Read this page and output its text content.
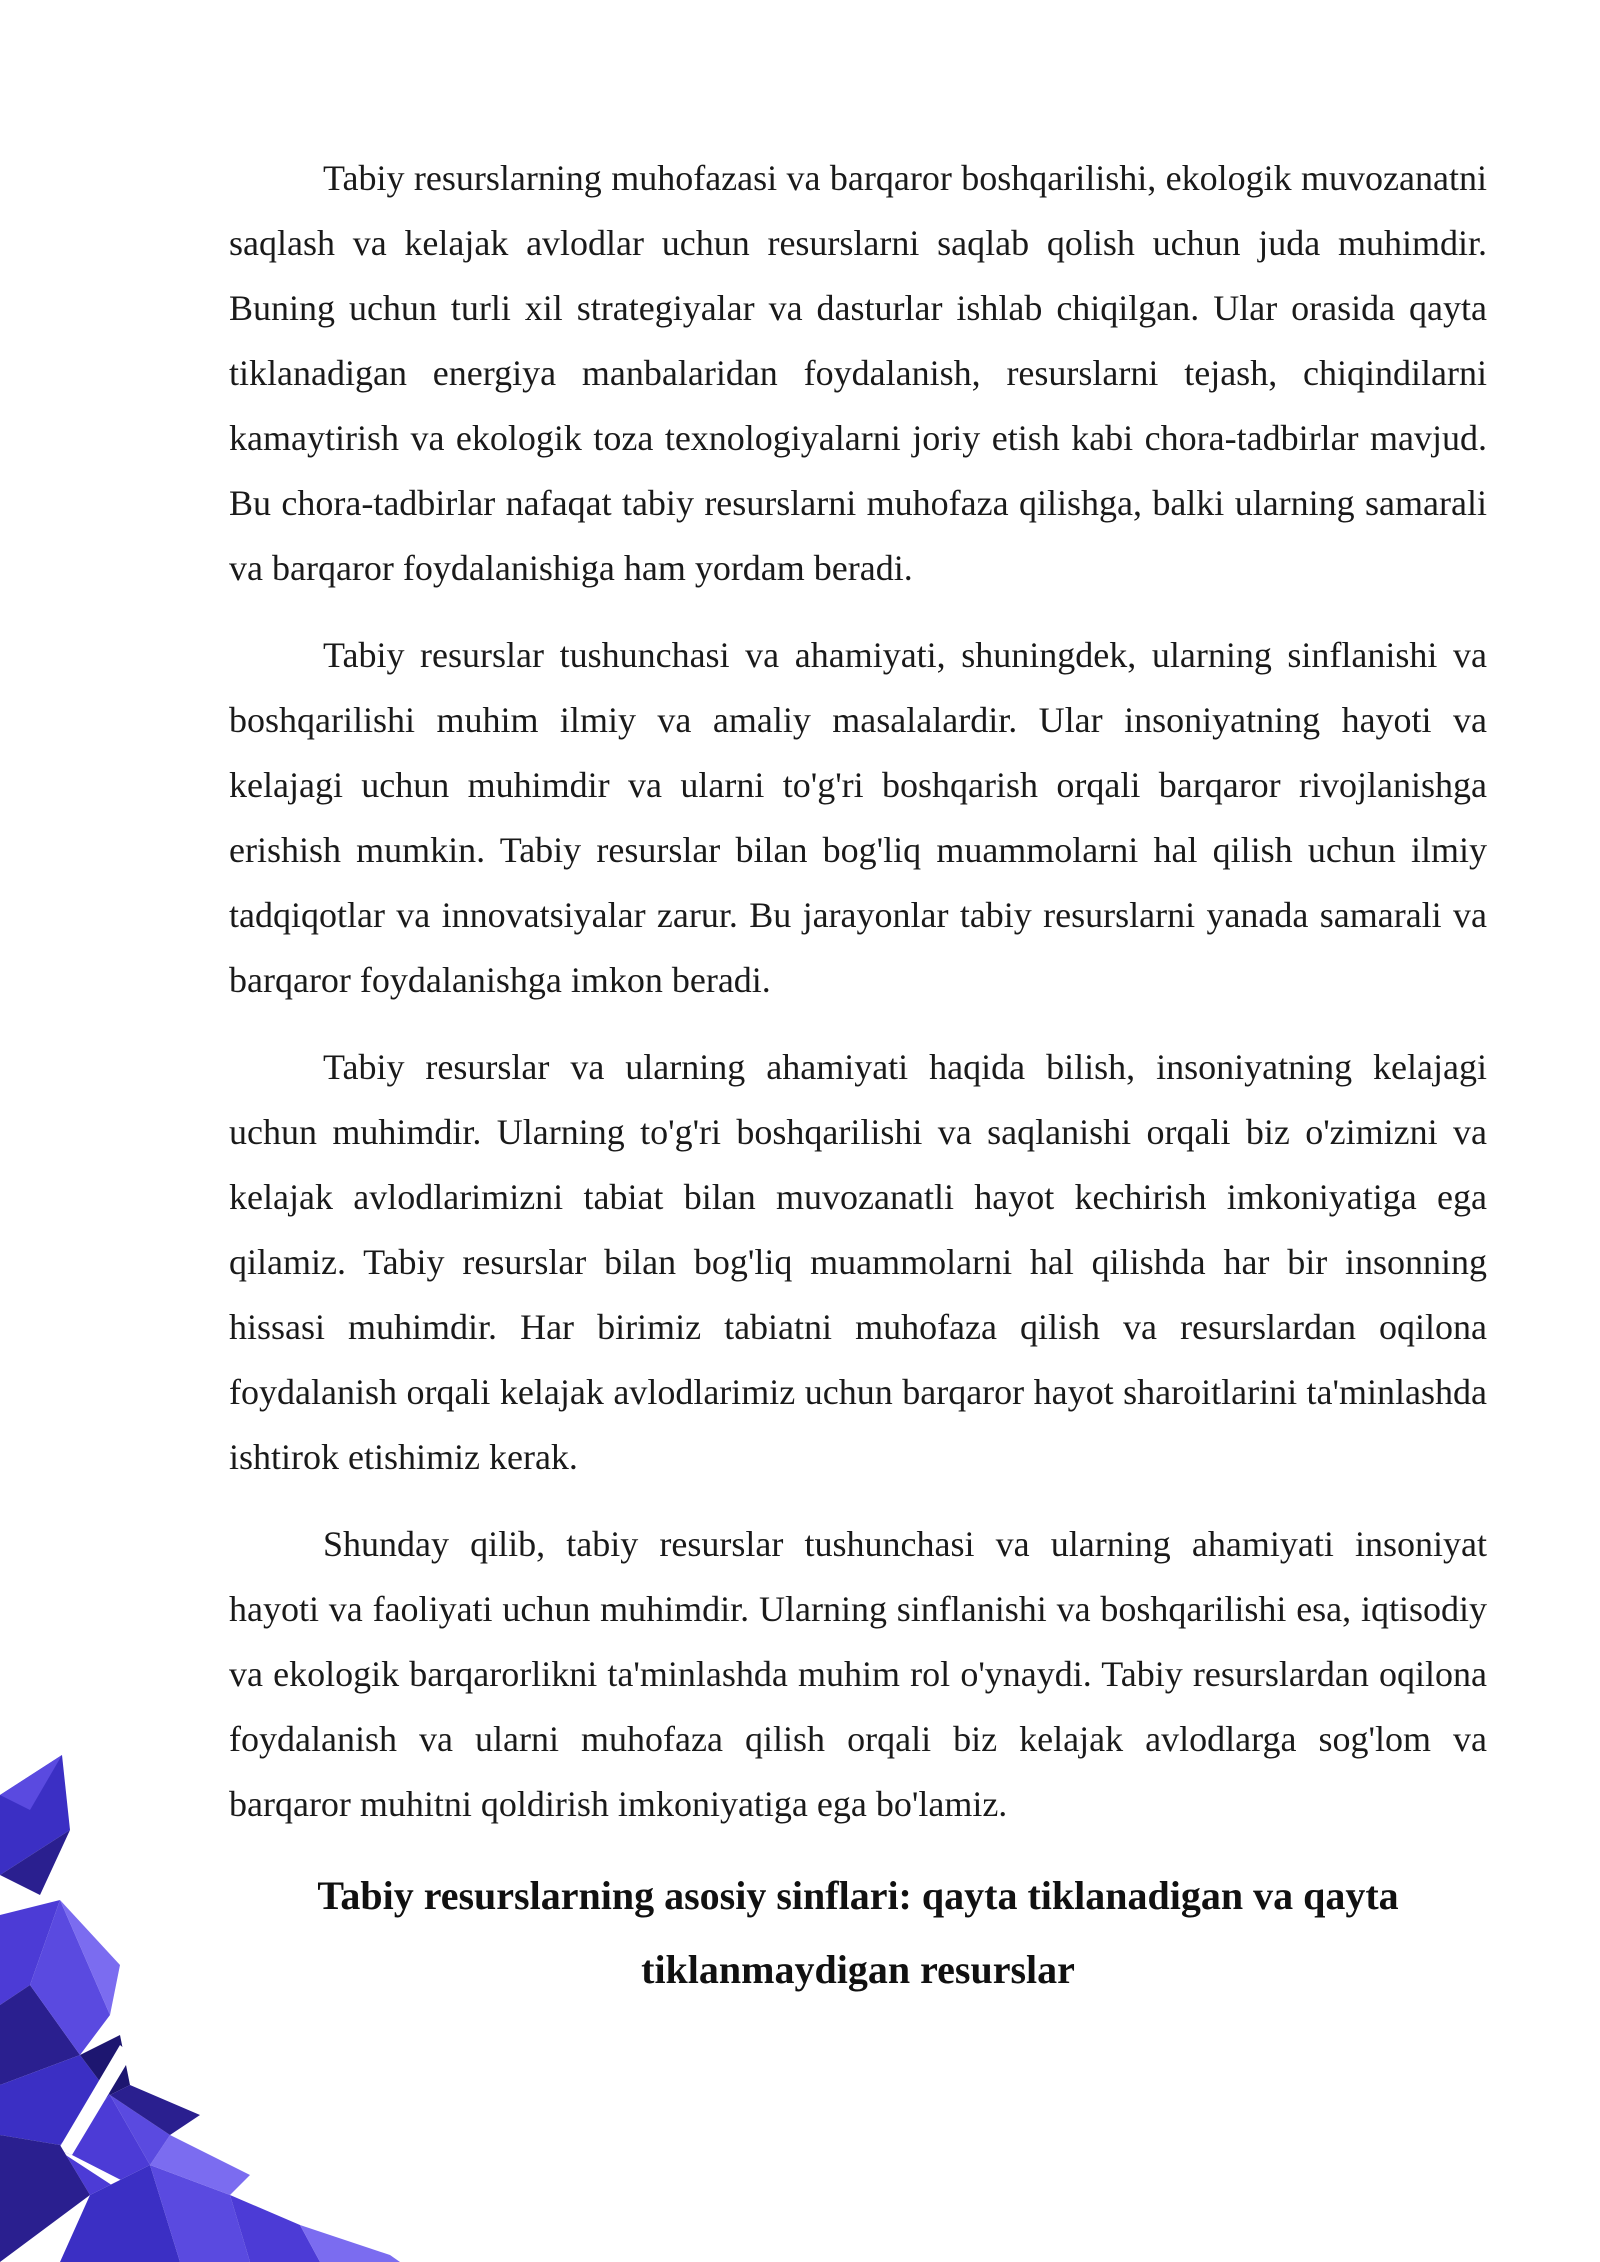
Tabiy resurslarning muhofazasi va barqaror boshqarilishi, ekologik muvozanatni saqlash va kelajak avlodlar uchun resurslarni saqlab qolish uchun juda muhimdir. Buning uchun turli xil strategiyalar va dasturlar ishlab chiqilgan. Ular orasida qayta tiklanadigan energiya manbalaridan foydalanish, resurslarni tejash, chiqindilarni kamaytirish va ekologik toza texnologiyalarni joriy etish kabi chora-tadbirlar mavjud. Bu chora-tadbirlar nafaqat tabiy resurslarni muhofaza qilishga, balki ularning samarali va barqaror foydalanishiga ham yordam beradi.

Tabiy resurslar tushunchasi va ahamiyati, shuningdek, ularning sinflanishi va boshqarilishi muhim ilmiy va amaliy masalalardir. Ular insoniyatning hayoti va kelajagi uchun muhimdir va ularni to'g'ri boshqarish orqali barqaror rivojlanishga erishish mumkin. Tabiy resurslar bilan bog'liq muammolarni hal qilish uchun ilmiy tadqiqotlar va innovatsiyalar zarur. Bu jarayonlar tabiy resurslarni yanada samarali va barqaror foydalanishga imkon beradi.

Tabiy resurslar va ularning ahamiyati haqida bilish, insoniyatning kelajagi uchun muhimdir. Ularning to'g'ri boshqarilishi va saqlanishi orqali biz o'zimizni va kelajak avlodlarimizni tabiat bilan muvozanatli hayot kechirish imkoniyatiga ega qilamiz. Tabiy resurslar bilan bog'liq muammolarni hal qilishda har bir insonning hissasi muhimdir. Har birimiz tabiatni muhofaza qilish va resurslardan oqilona foydalanish orqali kelajak avlodlarimiz uchun barqaror hayot sharoitlarini ta'minlashda ishtirok etishimiz kerak.

Shunday qilib, tabiy resurslar tushunchasi va ularning ahamiyati insoniyat hayoti va faoliyati uchun muhimdir. Ularning sinflanishi va boshqarilishi esa, iqtisodiy va ekologik barqarorlikni ta'minlashda muhim rol o'ynaydi. Tabiy resurslardan oqilona foydalanish va ularni muhofaza qilish orqali biz kelajak avlodlarga sog'lom va barqaror muhitni qoldirish imkoniyatiga ega bo'lamiz.

Tabiy resurslarning asosiy sinflari: qayta tiklanadigan va qayta tiklanmaydigan resurslar
